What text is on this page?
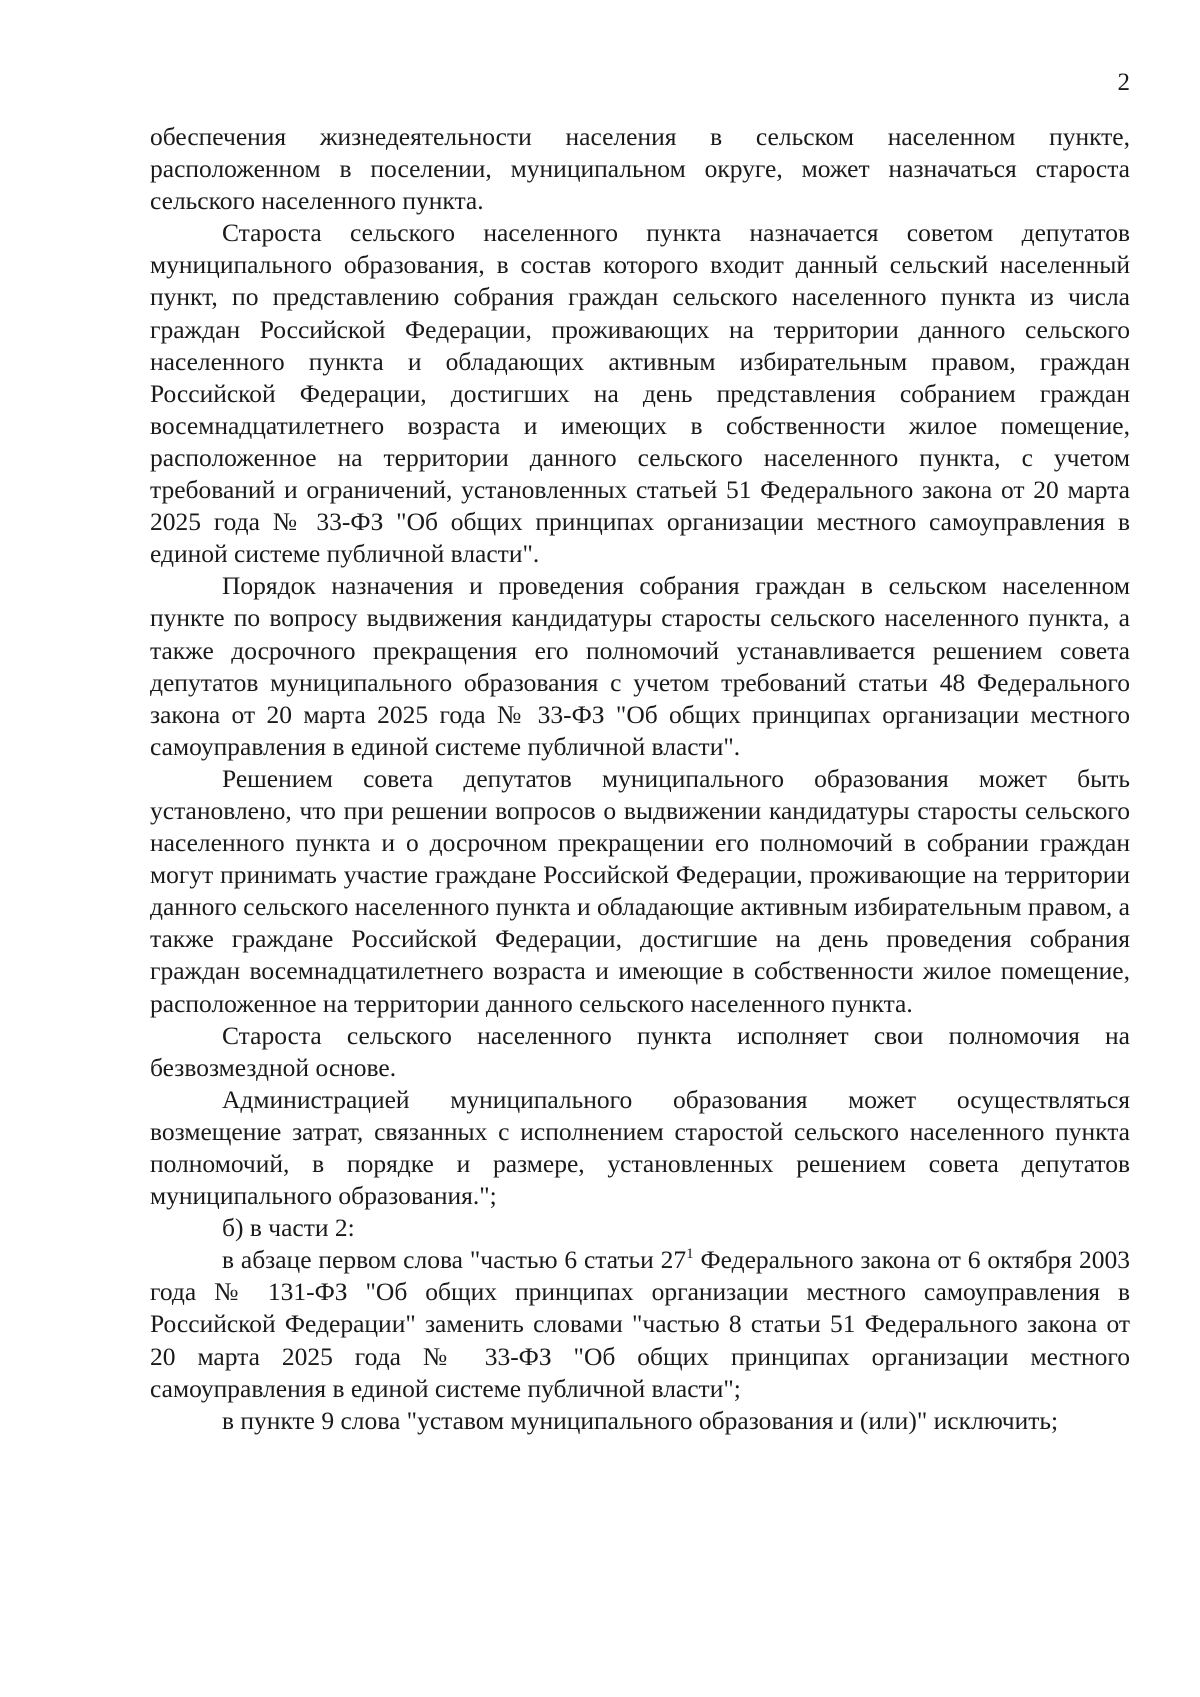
2

обеспечения жизнедеятельности населения в сельском населенном пункте, расположенном в поселении, муниципальном округе, может назначаться староста сельского населенного пункта.

Староста сельского населенного пункта назначается советом депутатов муниципального образования, в состав которого входит данный сельский населенный пункт, по представлению собрания граждан сельского населенного пункта из числа граждан Российской Федерации, проживающих на территории данного сельского населенного пункта и обладающих активным избирательным правом, граждан Российской Федерации, достигших на день представления собранием граждан восемнадцатилетнего возраста и имеющих в собственности жилое помещение, расположенное на территории данного сельского населенного пункта, с учетом требований и ограничений, установленных статьей 51 Федерального закона от 20 марта 2025 года № 33-ФЗ "Об общих принципах организации местного самоуправления в единой системе публичной власти".

Порядок назначения и проведения собрания граждан в сельском населенном пункте по вопросу выдвижения кандидатуры старосты сельского населенного пункта, а также досрочного прекращения его полномочий устанавливается решением совета депутатов муниципального образования с учетом требований статьи 48 Федерального закона от 20 марта 2025 года № 33-ФЗ "Об общих принципах организации местного самоуправления в единой системе публичной власти".

Решением совета депутатов муниципального образования может быть установлено, что при решении вопросов о выдвижении кандидатуры старосты сельского населенного пункта и о досрочном прекращении его полномочий в собрании граждан могут принимать участие граждане Российской Федерации, проживающие на территории данного сельского населенного пункта и обладающие активным избирательным правом, а также граждане Российской Федерации, достигшие на день проведения собрания граждан восемнадцатилетнего возраста и имеющие в собственности жилое помещение, расположенное на территории данного сельского населенного пункта.

Староста сельского населенного пункта исполняет свои полномочия на безвозмездной основе.

Администрацией муниципального образования может осуществляться возмещение затрат, связанных с исполнением старостой сельского населенного пункта полномочий, в порядке и размере, установленных решением совета депутатов муниципального образования.";

б) в части 2:

в абзаце первом слова "частью 6 статьи $27^1$ Федерального закона от 6 октября 2003 года № 131-ФЗ "Об общих принципах организации местного самоуправления в Российской Федерации" заменить словами "частью 8 статьи 51 Федерального закона от 20 марта 2025 года № 33-ФЗ "Об общих принципах организации местного самоуправления в единой системе публичной власти";

в пункте 9 слова "уставом муниципального образования и (или)" исключить;
